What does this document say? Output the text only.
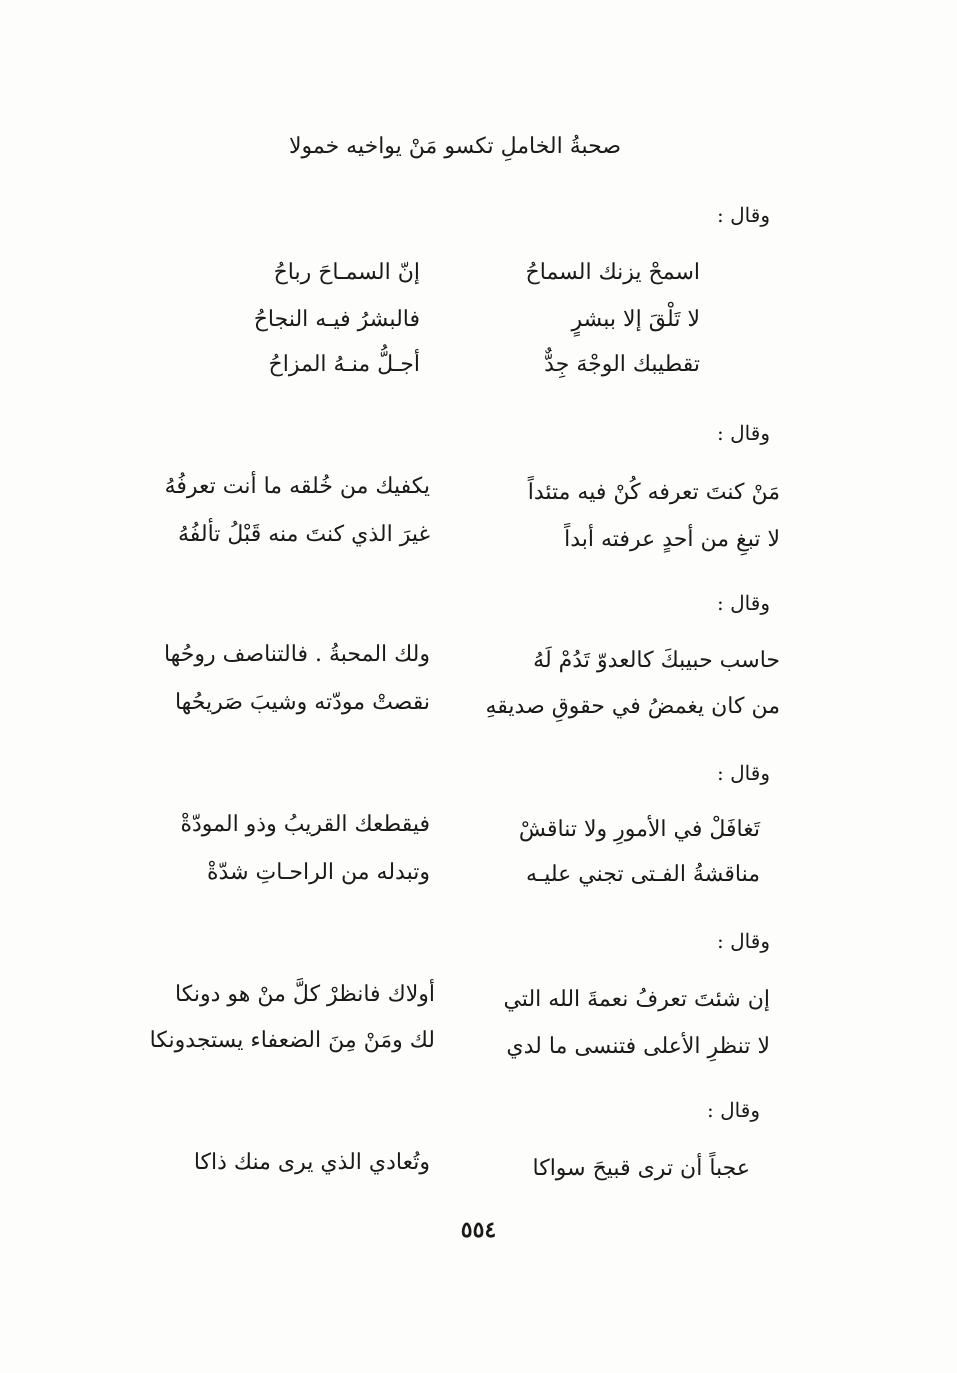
صحبةُ الخاملِ تكسو مَنْ يواخيه خمولا
وقال :
اسمحْ يزنك السماحُ
إنّ السمـاحَ رباحُ
لا تَلْقَ إلا ببشرٍ
فالبشرُ فيـه النجاحُ
تقطيبك الوجْهَ جِدٌّ
أجـلُّ منـهُ المزاحُ
وقال :
مَنْ كنتَ تعرفه كُنْ فيه متئداً
يكفيك من خُلقه ما أنت تعرفُهُ
لا تبغِ من أحدٍ عرفته أبداً
غيرَ الذي كنتَ منه قَبْلُ تألفُهُ
وقال :
حاسب حبيبكَ كالعدوّ تَدُمْ لَهُ
ولك المحبةُ . فالتناصف روحُها
من كان يغمضُ في حقوقِ صديقهِ
نقصتْ مودّته وشيبَ صَريحُها
وقال :
تَغافَلْ في الأمورِ ولا تناقشْ
فيقطعك القريبُ وذو المودّةْ
مناقشةُ الفـتى تجني عليـه
وتبدله من الراحـاتِ شدّةْ
وقال :
إن شئتَ تعرفُ نعمةَ الله التي
أولاك فانظرْ كلَّ منْ هو دونكا
لا تنظرِ الأعلى فتنسى ما لدي
لك ومَنْ مِنَ الضعفاء يستجدونكا
وقال :
عجباً أن ترى قبيحَ سواكا
وتُعادي الذي يرى منك ذاكا
٥٥٤
